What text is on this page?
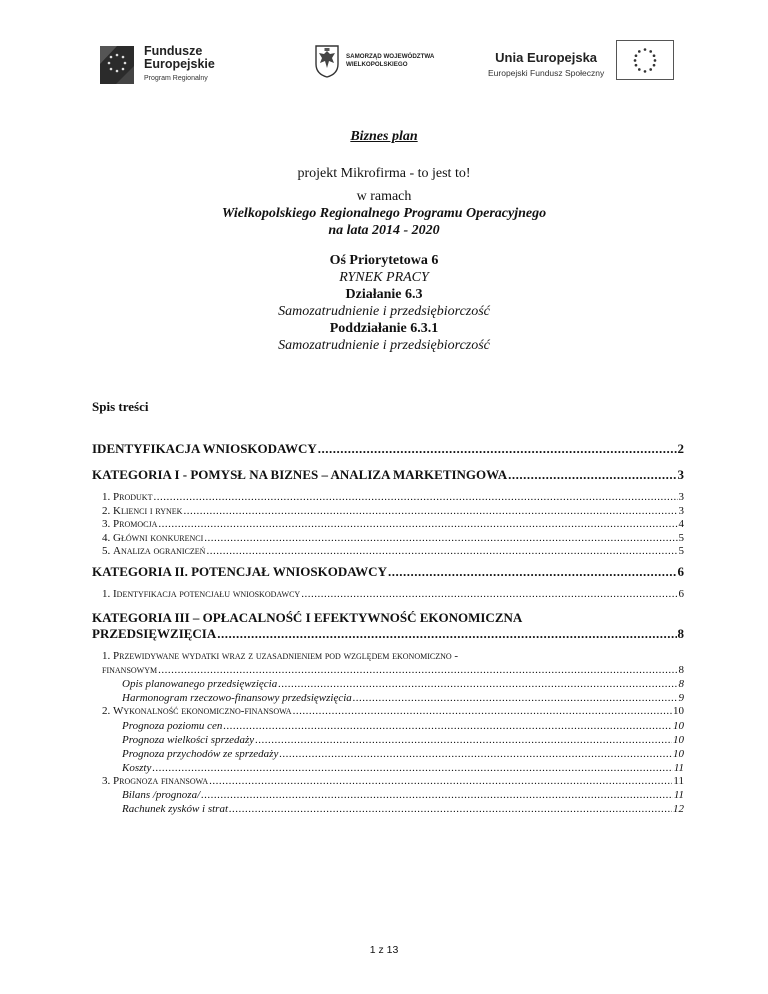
Fundusze
Europejskie
Program Regionalny
SAMORZĄD WOJEWÓDZTWA
WIELKOPOLSKIEGO	Unia Europejska
Europejski Fundusz Społeczny
Biznes plan
projekt Mikrofirma - to jest to!
w ramach
Wielkopolskiego Regionalnego Programu Operacyjnego
na lata 2014 - 2020
Oś Priorytetowa 6
RYNEK PRACY
Działanie 6.3
Samozatrudnienie i przedsiębiorczość
Poddziałanie 6.3.1
Samozatrudnienie i przedsiębiorczość
Spis treści
IDENTYFIKACJA WNIOSKODAWCY .....	2
KATEGORIA I - POMYSŁ NA BIZNES – ANALIZA MARKETINGOWA .....	3
1. Produkt .....	3
2. Klienci i rynek .....	3
3. Promocja .....	4
4. Główni konkurenci .....	5
5. Analiza ograniczeń .....	5
KATEGORIA II. POTENCJAŁ WNIOSKODAWCY .....	6
1. Identyfikacja potencjału wnioskodawcy .....	6
KATEGORIA III – OPŁACALNOŚĆ I EFEKTYWNOŚĆ EKONOMICZNA
PRZEDSIĘWZIĘCIA .....	8
1. Przewidywane wydatki wraz z uzasadnieniem pod względem ekonomiczno -
finansowym .....	8
Opis planowanego przedsięwzięcia .....	8
Harmonogram rzeczowo-finansowy przedsięwzięcia .....	9
2. Wykonalność ekonomiczno-finansowa .....	10
Prognoza poziomu cen .....	10
Prognoza wielkości sprzedaży .....	10
Prognoza przychodów ze sprzedaży .....	10
Koszty .....	11
3. Prognoza finansowa .....	11
Bilans /prognoza/ .....	11
Rachunek zysków i strat .....	12
1 z 13
